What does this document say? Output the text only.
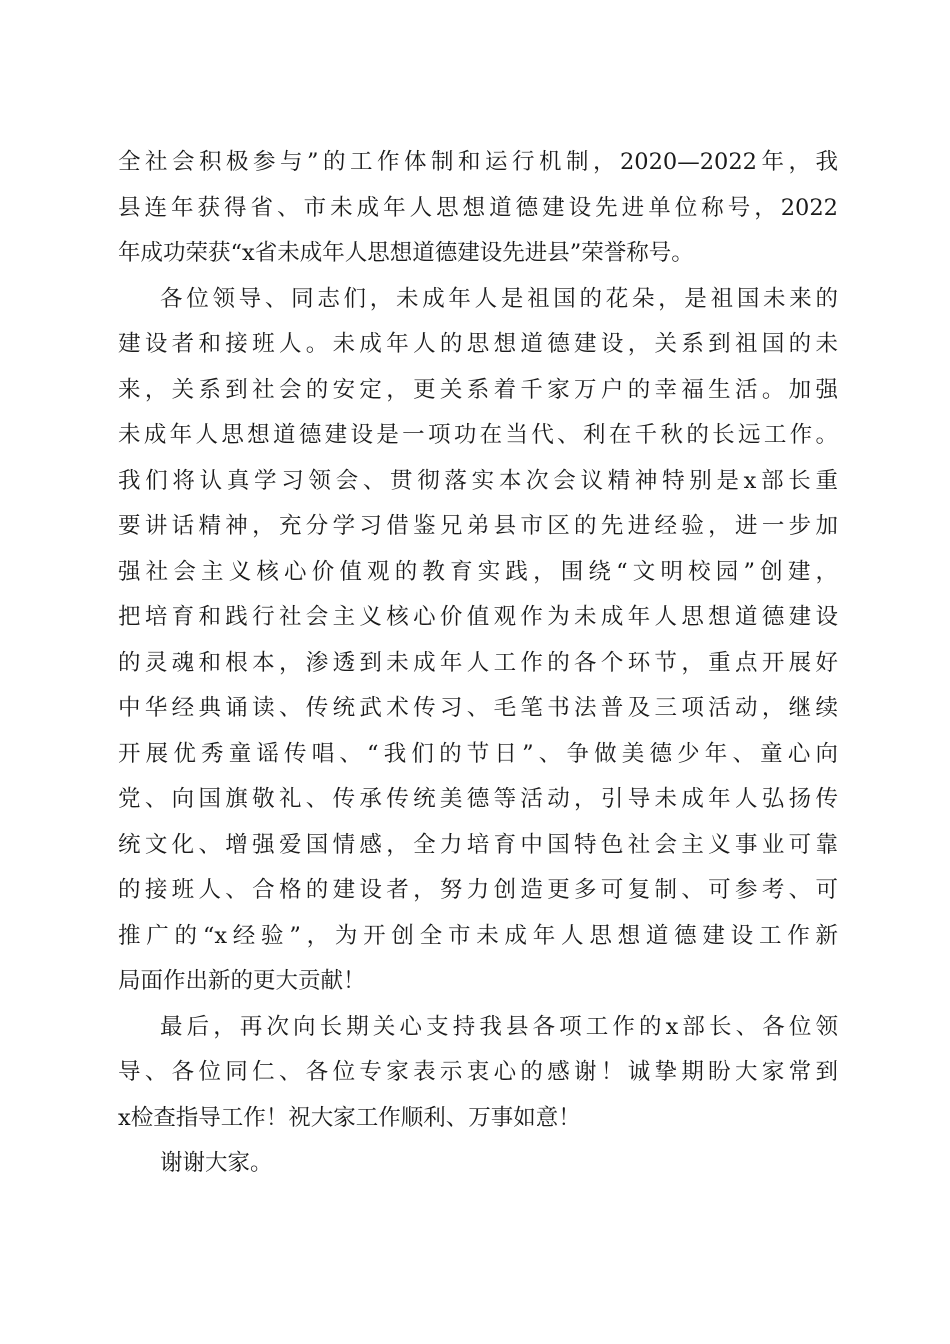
全社会积极参与”的工作体制和运行机制，2020—2022年，我
县连年获得省、市未成年人思想道德建设先进单位称号，2022
年成功荣获“x省未成年人思想道德建设先进县”荣誉称号。
各位领导、同志们，未成年人是祖国的花朵，是祖国未来的
建设者和接班人。未成年人的思想道德建设，关系到祖国的未
来，关系到社会的安定，更关系着千家万户的幸福生活。加强
未成年人思想道德建设是一项功在当代、利在千秋的长远工作。
我们将认真学习领会、贯彻落实本次会议精神特别是x部长重
要讲话精神，充分学习借鉴兄弟县市区的先进经验，进一步加
强社会主义核心价值观的教育实践，围绕“文明校园”创建，
把培育和践行社会主义核心价值观作为未成年人思想道德建设
的灵魂和根本，渗透到未成年人工作的各个环节，重点开展好
中华经典诵读、传统武术传习、毛笔书法普及三项活动，继续
开展优秀童谣传唱、“我们的节日”、争做美德少年、童心向
党、向国旗敬礼、传承传统美德等活动，引导未成年人弘扬传
统文化、增强爱国情感，全力培育中国特色社会主义事业可靠
的接班人、合格的建设者，努力创造更多可复制、可参考、可
推广的“x经验”，为开创全市未成年人思想道德建设工作新
局面作出新的更大贡献！
最后，再次向长期关心支持我县各项工作的x部长、各位领
导、各位同仁、各位专家表示衷心的感谢！诚挚期盼大家常到
x检查指导工作！祝大家工作顺利、万事如意！
谢谢大家。
